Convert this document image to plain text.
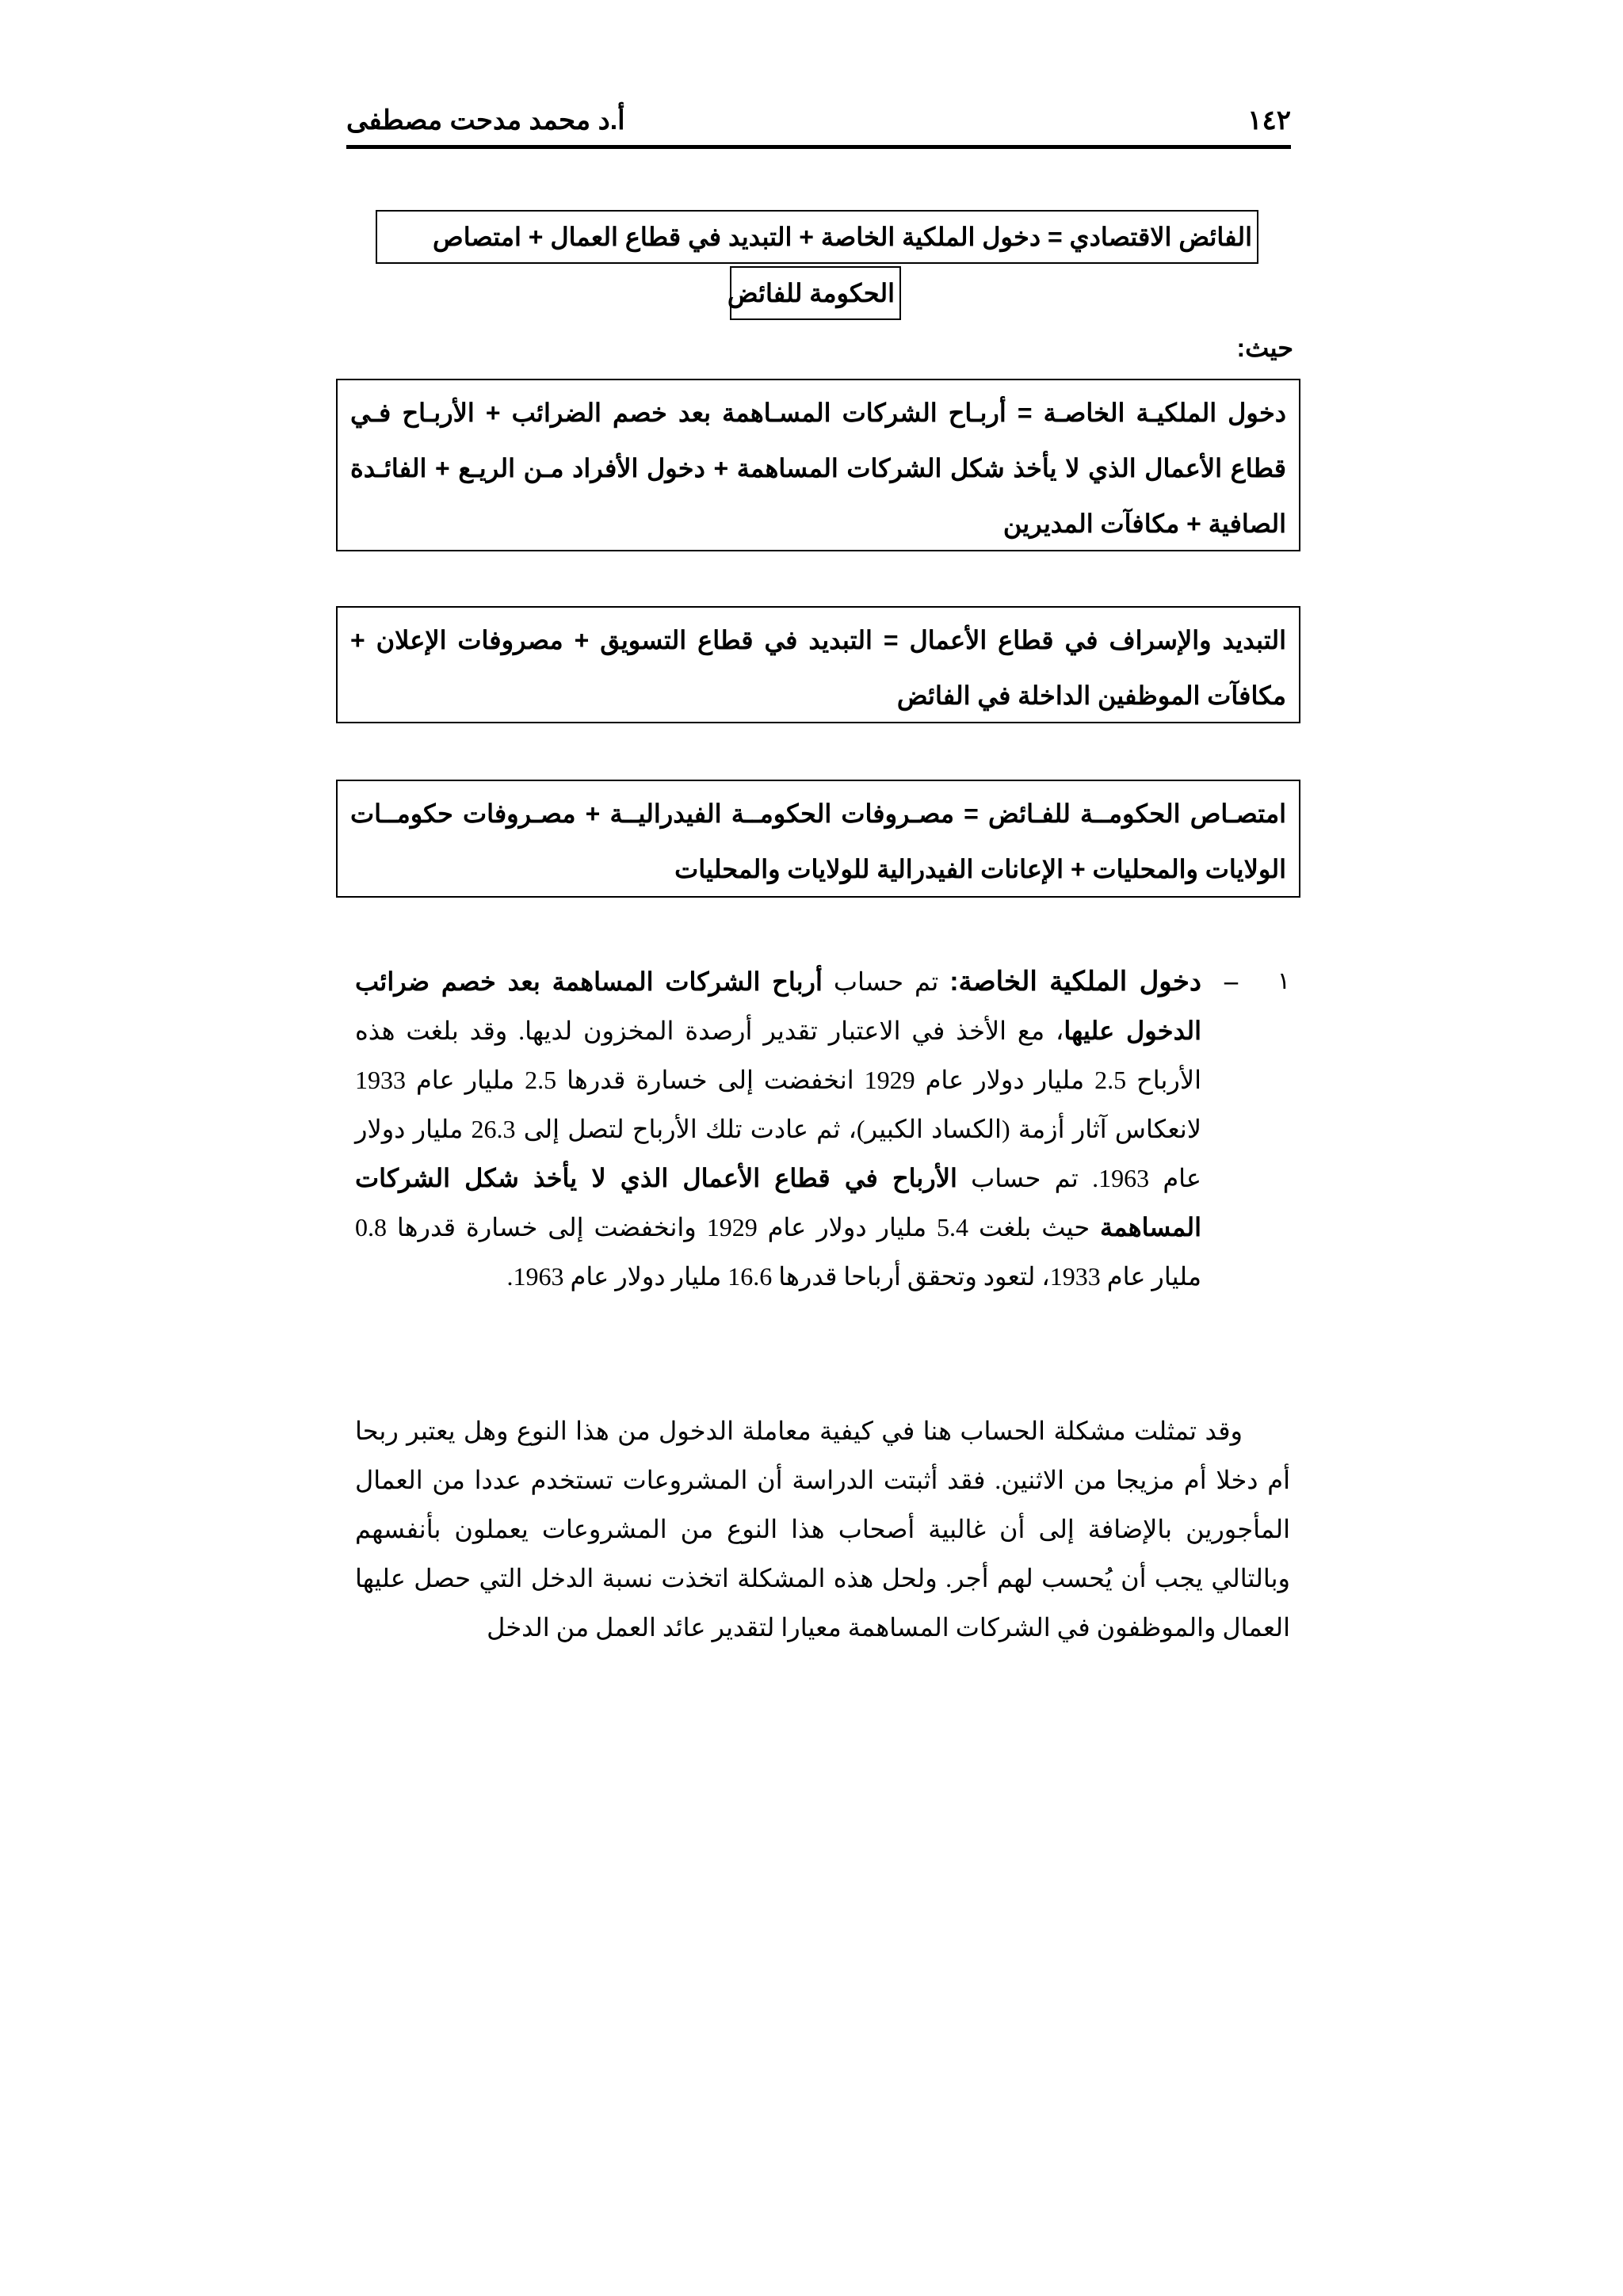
١٤٢
أ.د محمد مدحت مصطفى
الفائض الاقتصادي = دخول الملكية الخاصة + التبديد في قطاع العمال + امتصاص
الحكومة للفائض
حيث:
دخول الملكيـة الخاصـة = أربـاح الشركات المسـاهمة بعد خصم الضرائب + الأربـاح فـي قطاع الأعمال الذي لا يأخذ شكل الشركات المساهمة + دخول الأفراد مـن الريـع + الفائـدة الصافية + مكافآت المديرين
التبديد والإسراف في قطاع الأعمال = التبديد في قطاع التسويق + مصروفات الإعلان + مكافآت الموظفين الداخلة في الفائض
امتصـاص الحكومــة للفـائض = مصـروفات الحكومــة الفيدراليــة + مصـروفات حكومــات الولايات والمحليات + الإعانات الفيدرالية للولايات والمحليات
١
–
دخول الملكية الخاصة: تم حساب أرباح الشركات المساهمة بعد خصم ضرائب الدخول عليها، مع الأخذ في الاعتبار تقدير أرصدة المخزون لديها. وقد بلغت هذه الأرباح 2.5 مليار دولار عام 1929 انخفضت إلى خسارة قدرها 2.5 مليار عام 1933 لانعكاس آثار أزمة (الكساد الكبير)، ثم عادت تلك الأرباح لتصل إلى 26.3 مليار دولار عام 1963. تم حساب الأرباح في قطاع الأعمال الذي لا يأخذ شكل الشركات المساهمة حيث بلغت 5.4 مليار دولار عام 1929 وانخفضت إلى خسارة قدرها 0.8 مليار عام 1933، لتعود وتحقق أرباحا قدرها 16.6 مليار دولار عام 1963.
وقد تمثلت مشكلة الحساب هنا في كيفية معاملة الدخول من هذا النوع وهل يعتبر ربحا أم دخلا أم مزيجا من الاثنين. فقد أثبتت الدراسة أن المشروعات تستخدم عددا من العمال المأجورين بالإضافة إلى أن غالبية أصحاب هذا النوع من المشروعات يعملون بأنفسهم وبالتالي يجب أن يُحسب لهم أجر. ولحل هذه المشكلة اتخذت نسبة الدخل التي حصل عليها العمال والموظفون في الشركات المساهمة معيارا لتقدير عائد العمل من الدخل
